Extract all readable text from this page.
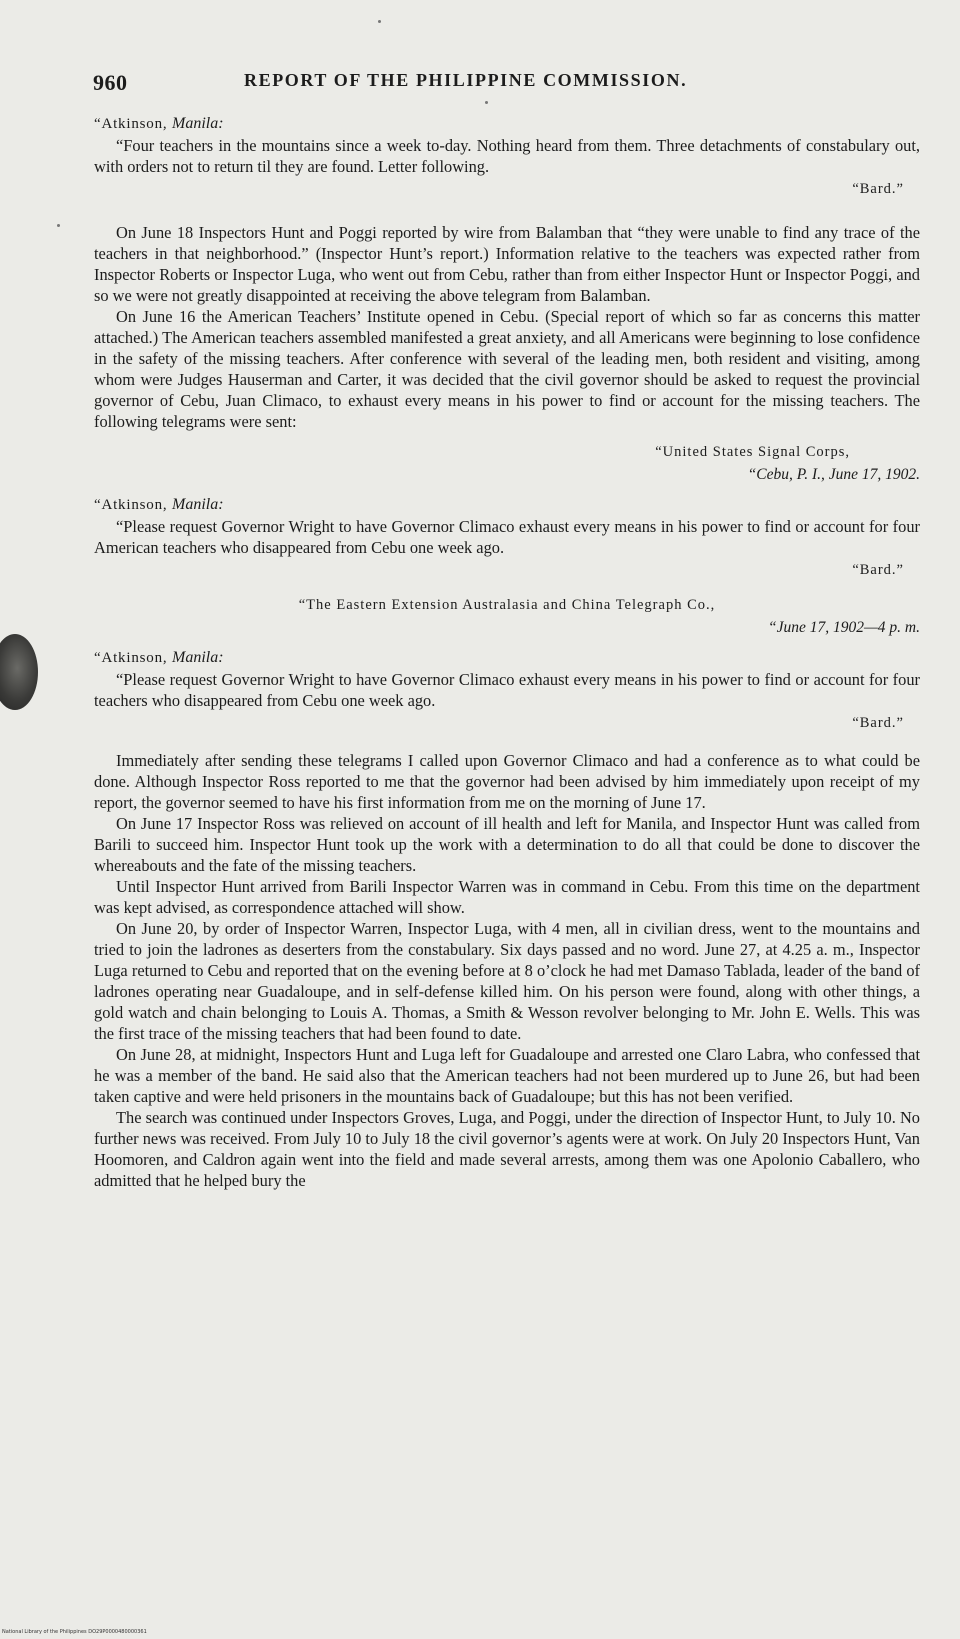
960	REPORT OF THE PHILIPPINE COMMISSION.
“Atkinson, Manila:

“Four teachers in the mountains since a week to-day. Nothing heard from them. Three detachments of constabulary out, with orders not to return til they are found. Letter following.

“Bard.”

On June 18 Inspectors Hunt and Poggi reported by wire from Balamban that “they were unable to find any trace of the teachers in that neighborhood.” (Inspector Hunt’s report.) Information relative to the teachers was expected rather from Inspector Roberts or Inspector Luga, who went out from Cebu, rather than from either Inspector Hunt or Inspector Poggi, and so we were not greatly disappointed at receiving the above telegram from Balamban.

On June 16 the American Teachers’ Institute opened in Cebu. (Special report of which so far as concerns this matter attached.) The American teachers assembled manifested a great anxiety, and all Americans were beginning to lose confidence in the safety of the missing teachers. After conference with several of the leading men, both resident and visiting, among whom were Judges Hauserman and Carter, it was decided that the civil governor should be asked to request the provincial governor of Cebu, Juan Climaco, to exhaust every means in his power to find or account for the missing teachers. The following telegrams were sent:

“United States Signal Corps,
“Cebu, P. I., June 17, 1902.
“Atkinson, Manila:

“Please request Governor Wright to have Governor Climaco exhaust every means in his power to find or account for four American teachers who disappeared from Cebu one week ago.

“Bard.”
“The Eastern Extension Australasia and China Telegraph Co.,
“June 17, 1902—4 p. m.
“Atkinson, Manila:

“Please request Governor Wright to have Governor Climaco exhaust every means in his power to find or account for four teachers who disappeared from Cebu one week ago.

“Bard.”

Immediately after sending these telegrams I called upon Governor Climaco and had a conference as to what could be done. Although Inspector Ross reported to me that the governor had been advised by him immediately upon receipt of my report, the governor seemed to have his first information from me on the morning of June 17.

On June 17 Inspector Ross was relieved on account of ill health and left for Manila, and Inspector Hunt was called from Barili to succeed him. Inspector Hunt took up the work with a determination to do all that could be done to discover the whereabouts and the fate of the missing teachers.

Until Inspector Hunt arrived from Barili Inspector Warren was in command in Cebu. From this time on the department was kept advised, as correspondence attached will show.

On June 20, by order of Inspector Warren, Inspector Luga, with 4 men, all in civilian dress, went to the mountains and tried to join the ladrones as deserters from the constabulary. Six days passed and no word. June 27, at 4.25 a. m., Inspector Luga returned to Cebu and reported that on the evening before at 8 o’clock he had met Damaso Tablada, leader of the band of ladrones operating near Guadaloupe, and in self-defense killed him. On his person were found, along with other things, a gold watch and chain belonging to Louis A. Thomas, a Smith & Wesson revolver belonging to Mr. John E. Wells. This was the first trace of the missing teachers that had been found to date.

On June 28, at midnight, Inspectors Hunt and Luga left for Guadaloupe and arrested one Claro Labra, who confessed that he was a member of the band. He said also that the American teachers had not been murdered up to June 26, but had been taken captive and were held prisoners in the mountains back of Guadaloupe; but this has not been verified.

The search was continued under Inspectors Groves, Luga, and Poggi, under the direction of Inspector Hunt, to July 10. No further news was received. From July 10 to July 18 the civil governor’s agents were at work. On July 20 Inspectors Hunt, Van Hoomoren, and Caldron again went into the field and made several arrests, among them was one Apolonio Caballero, who admitted that he helped bury the

National Library of the Philippines DO29P0000480000361
